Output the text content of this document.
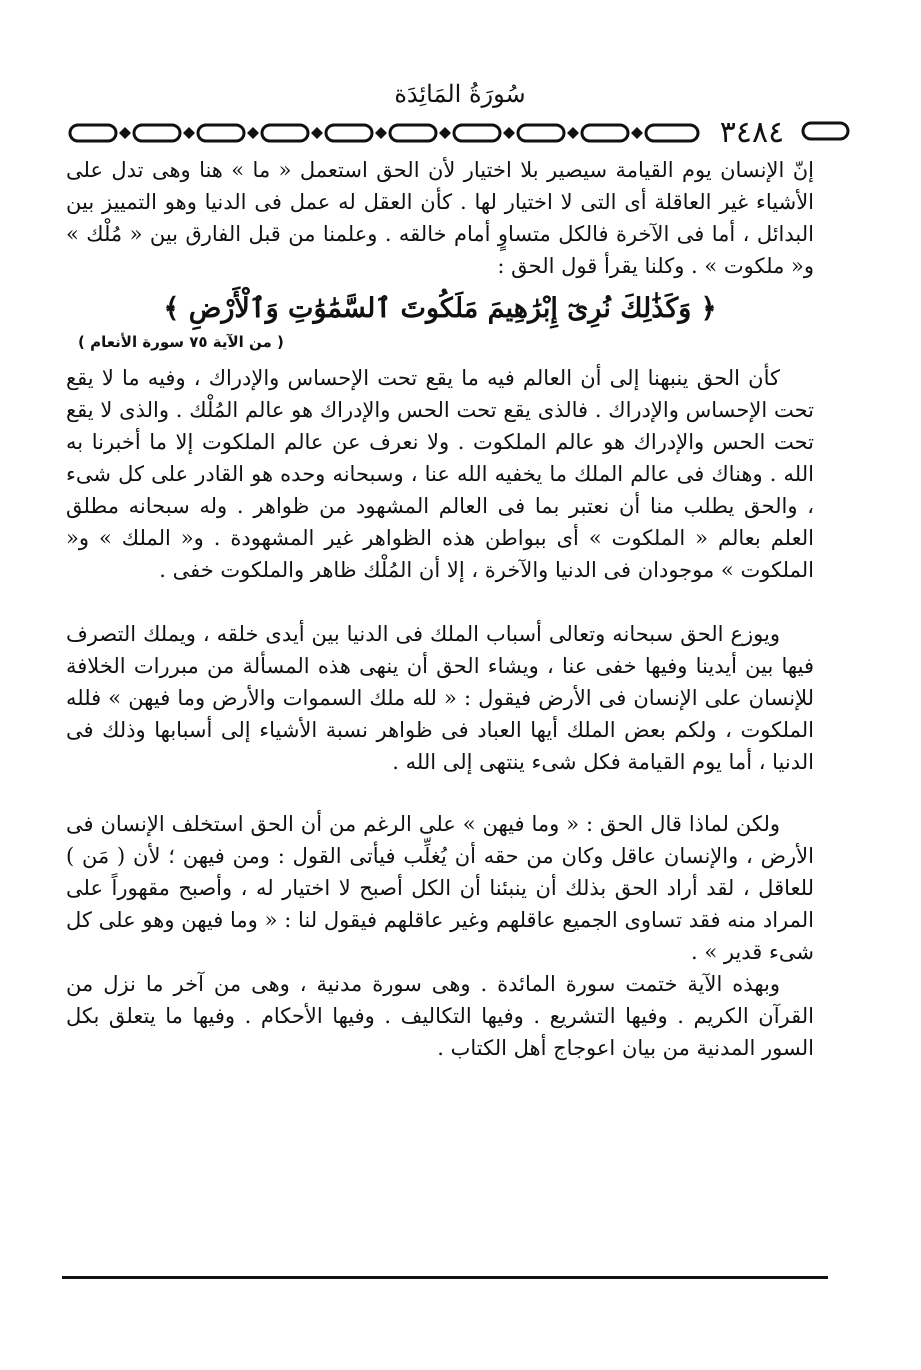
سُورَةُ المَائِدَة
٣٤٨٤

إنّ الإنسان يوم القيامة سيصير بلا اختيار لأن الحق استعمل « ما » هنا وهى تدل على الأشياء غير العاقلة أى التى لا اختيار لها . كأن العقل له عمل فى الدنيا وهو التمييز بين البدائل ، أما فى الآخرة فالكل متساوٍ أمام خالقه . وعلمنا من قبل الفارق بين « مُلْك » و« ملكوت » . وكلنا يقرأ قول الحق :

﴿ وَكَذَٰلِكَ نُرِىٓ إِبْرَٰهِيمَ مَلَكُوتَ ٱلسَّمَٰوَٰتِ وَٱلْأَرْضِ ﴾
( من الآية ٧٥ سورة الأنعام )

كأن الحق ينبهنا إلى أن العالم فيه ما يقع تحت الإحساس والإدراك ، وفيه ما لا يقع تحت الإحساس والإدراك . فالذى يقع تحت الحس والإدراك هو عالم المُلْك . والذى لا يقع تحت الحس والإدراك هو عالم الملكوت . ولا نعرف عن عالم الملكوت إلا ما أخبرنا به الله . وهناك فى عالم الملك ما يخفيه الله عنا ، وسبحانه وحده هو القادر على كل شىء ، والحق يطلب منا أن نعتبر بما فى العالم المشهود من ظواهر . وله سبحانه مطلق العلم بعالم « الملكوت » أى ببواطن هذه الظواهر غير المشهودة . و« الملك » و« الملكوت » موجودان فى الدنيا والآخرة ، إلا أن المُلْك ظاهر والملكوت خفى .

ويوزع الحق سبحانه وتعالى أسباب الملك فى الدنيا بين أيدى خلقه ، ويملك التصرف فيها بين أيدينا وفيها خفى عنا ، ويشاء الحق أن ينهى هذه المسألة من مبررات الخلافة للإنسان على الإنسان فى الأرض فيقول : « لله ملك السموات والأرض وما فيهن » فلله الملكوت ، ولكم بعض الملك أيها العباد فى ظواهر نسبة الأشياء إلى أسبابها وذلك فى الدنيا ، أما يوم القيامة فكل شىء ينتهى إلى الله .

ولكن لماذا قال الحق : « وما فيهن » على الرغم من أن الحق استخلف الإنسان فى الأرض ، والإنسان عاقل وكان من حقه أن يُغلِّب فيأتى القول : ومن فيهن ؛ لأن ( مَن ) للعاقل ، لقد أراد الحق بذلك أن ينبئنا أن الكل أصبح لا اختيار له ، وأصبح مقهوراً على المراد منه فقد تساوى الجميع عاقلهم وغير عاقلهم فيقول لنا : « وما فيهن وهو على كل شىء قدير » .

وبهذه الآية ختمت سورة المائدة . وهى سورة مدنية ، وهى من آخر ما نزل من القرآن الكريم . وفيها التشريع . وفيها التكاليف . وفيها الأحكام . وفيها ما يتعلق بكل السور المدنية من بيان اعوجاج أهل الكتاب .
